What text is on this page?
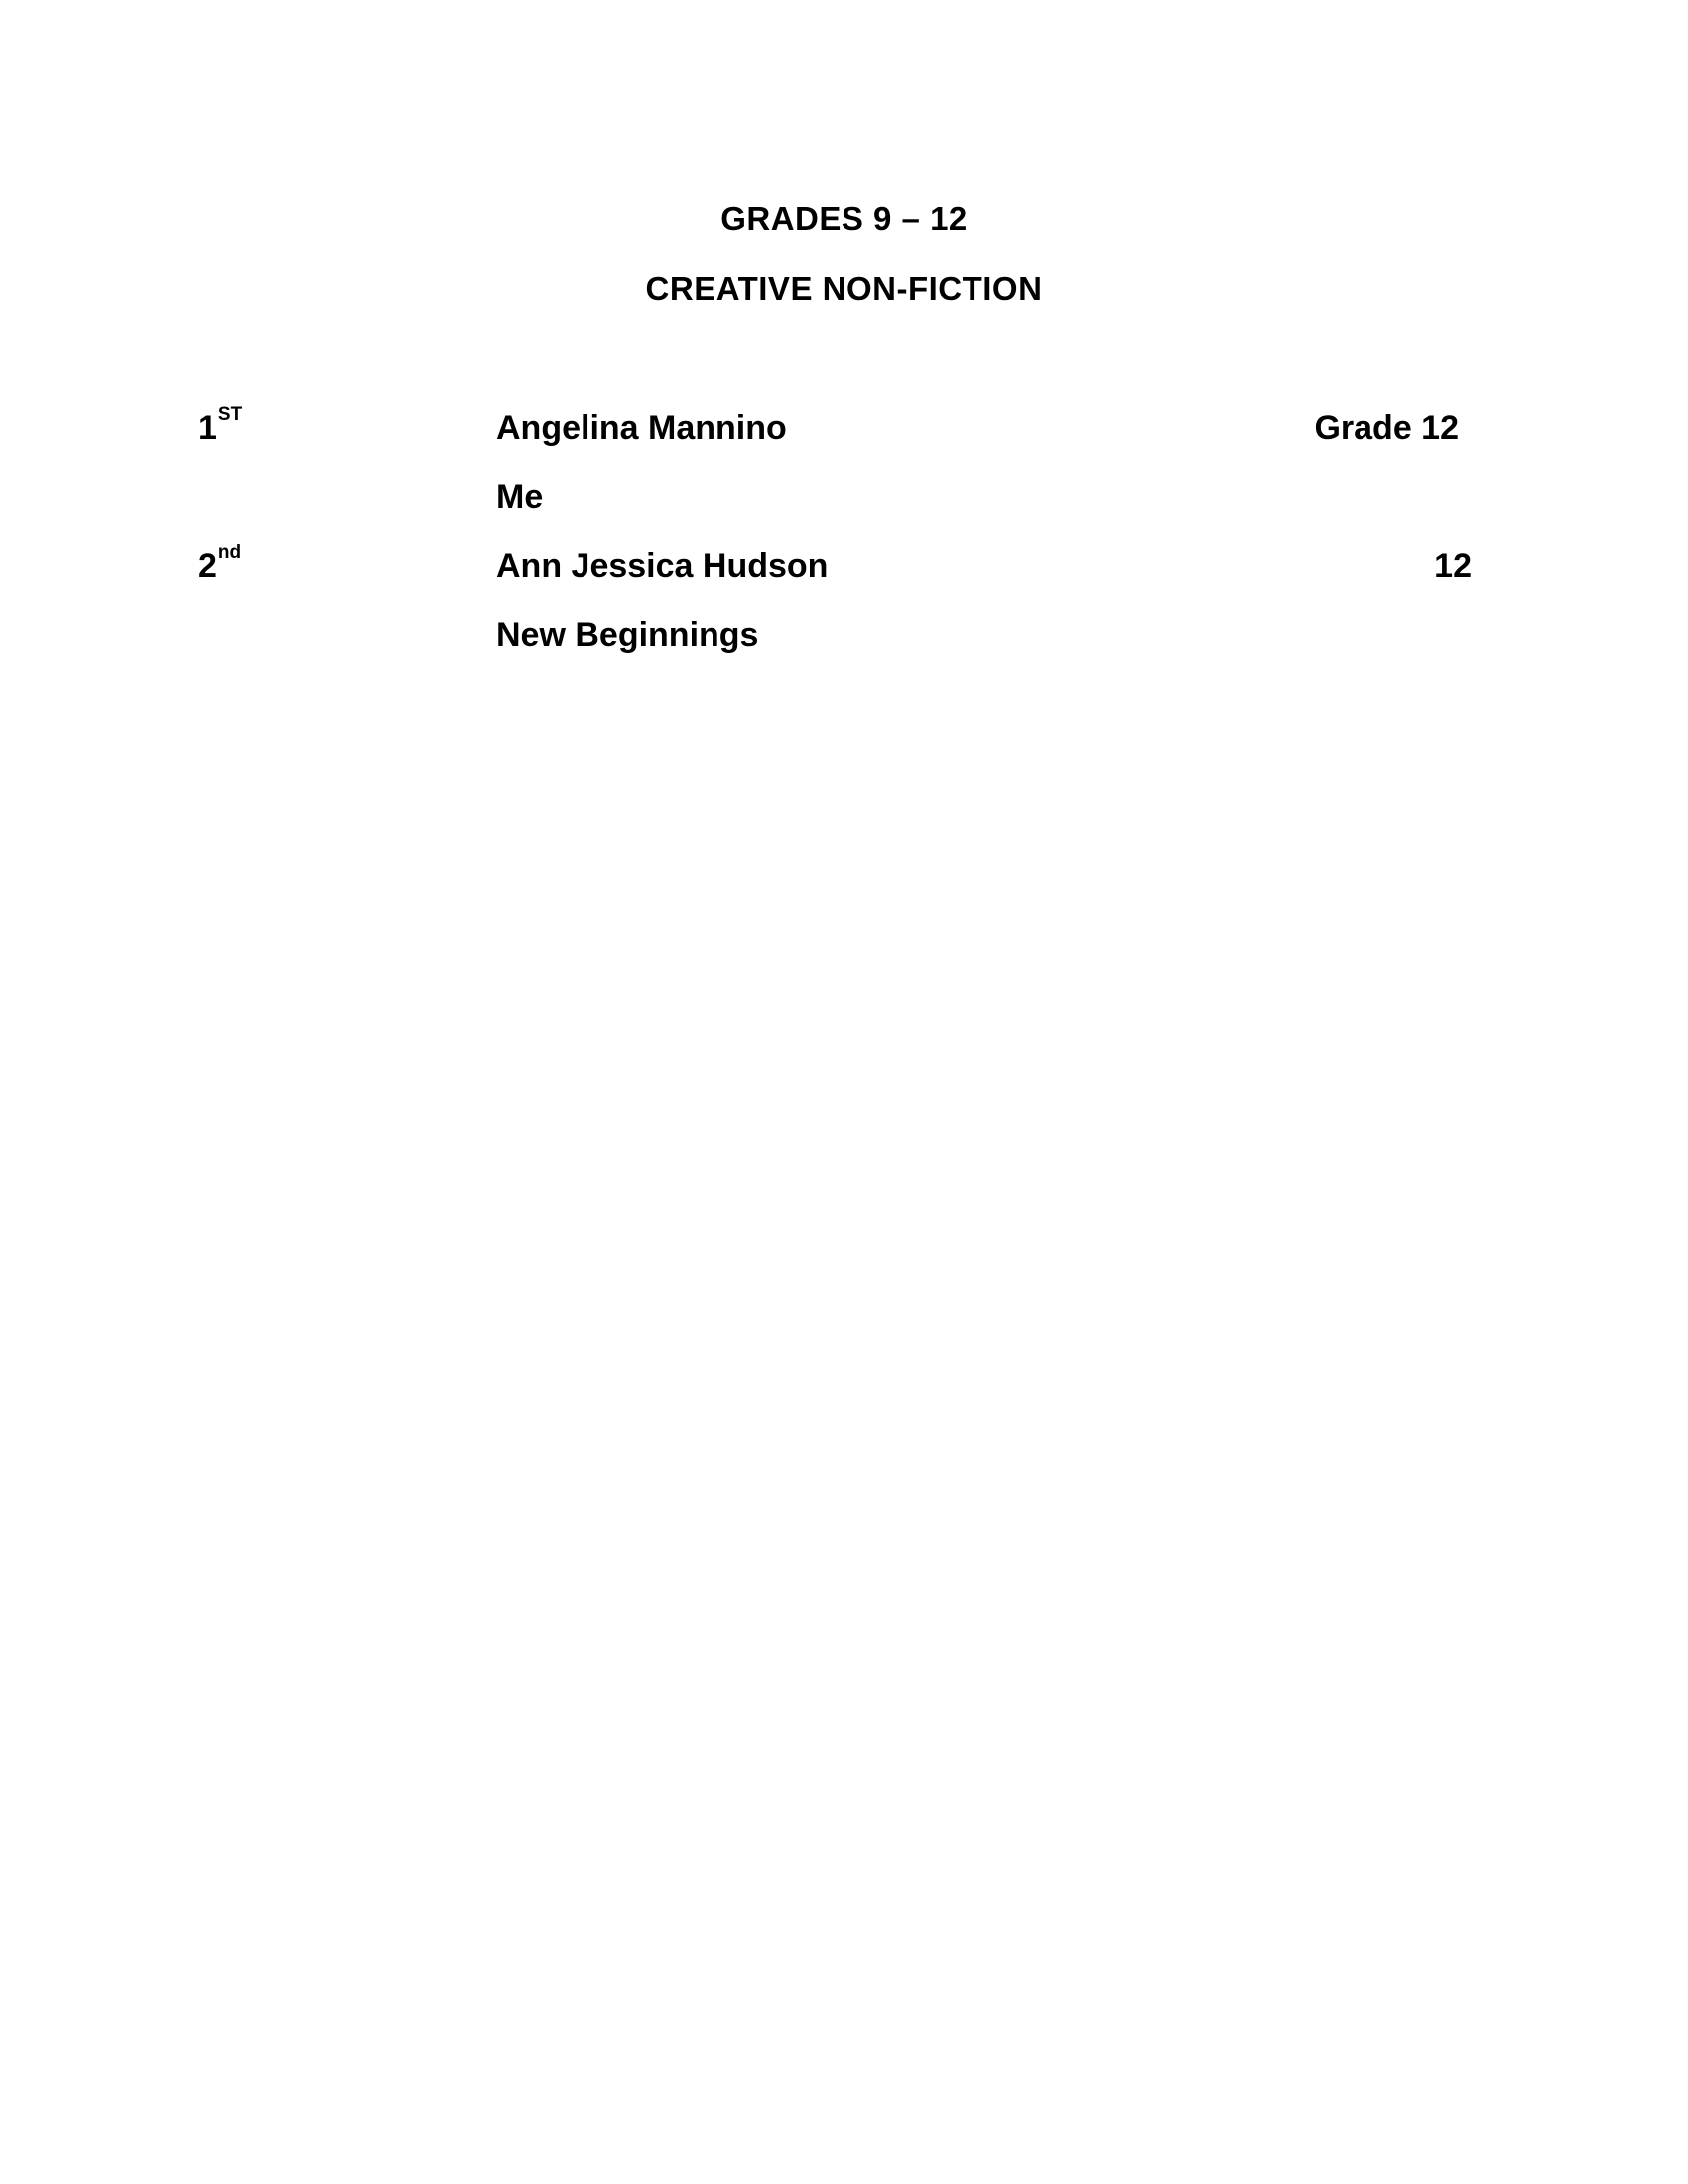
GRADES 9 – 12
CREATIVE NON-FICTION
1ST	Angelina Mannino	Grade 12
Me
2nd	Ann Jessica Hudson	12
New Beginnings
